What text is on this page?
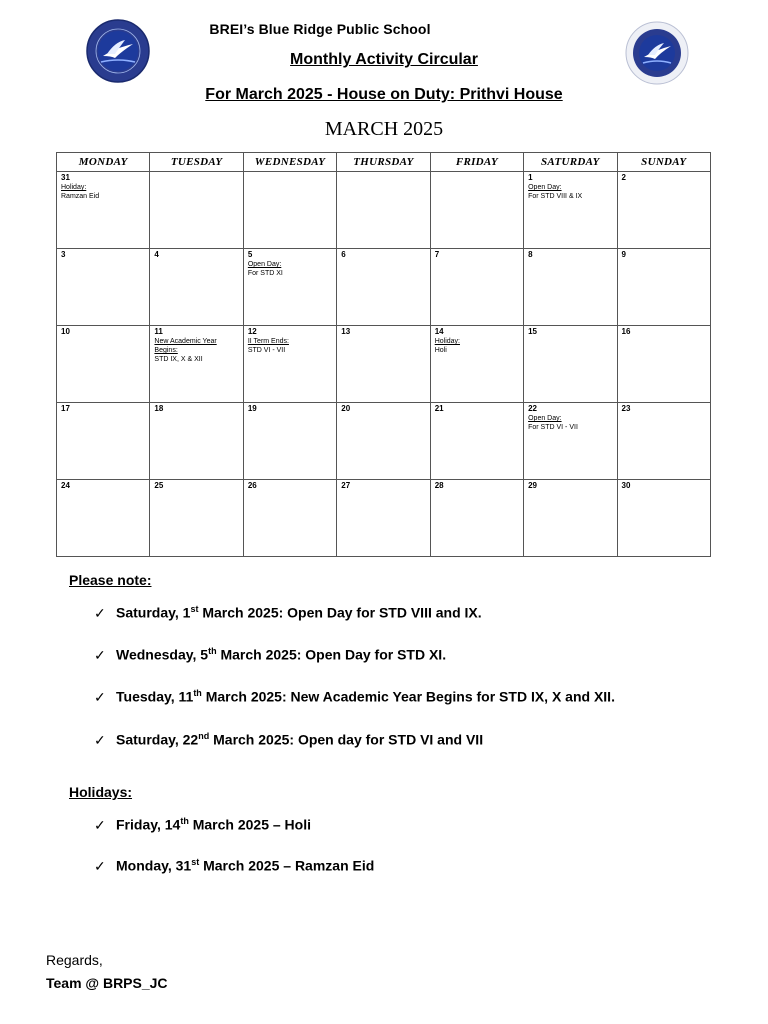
BREI’s Blue Ridge Public School
Monthly Activity Circular
For March 2025 - House on Duty: Prithvi House
MARCH 2025
MONDAY	TUESDAY	WEDNESDAY	THURSDAY	FRIDAY	SATURDAY	SUNDAY

31
Holiday:
Ramzan Eid					1
Open Day:
For STD VIII & IX	2

3	4	5
Open Day:
For STD XI	6	7	8	9

10	11
New Academic Year Begins:
STD IX, X & XII	12
II Term Ends:
STD VI - VII	13	14
Holiday:
Holi	15	16

17	18	19	20	21	22
Open Day:
For STD VI - VII	23

24	25	26	27	28	29	30
Please note:
✓ Saturday, 1st March 2025: Open Day for STD VIII and IX.
✓ Wednesday, 5th March 2025: Open Day for STD XI.
✓ Tuesday, 11th March 2025: New Academic Year Begins for STD IX, X and XII.
✓ Saturday, 22nd March 2025: Open day for STD VI and VII
Holidays:
✓ Friday, 14th March 2025 – Holi
✓ Monday, 31st March 2025 – Ramzan Eid
Regards,
Team @ BRPS_JC
